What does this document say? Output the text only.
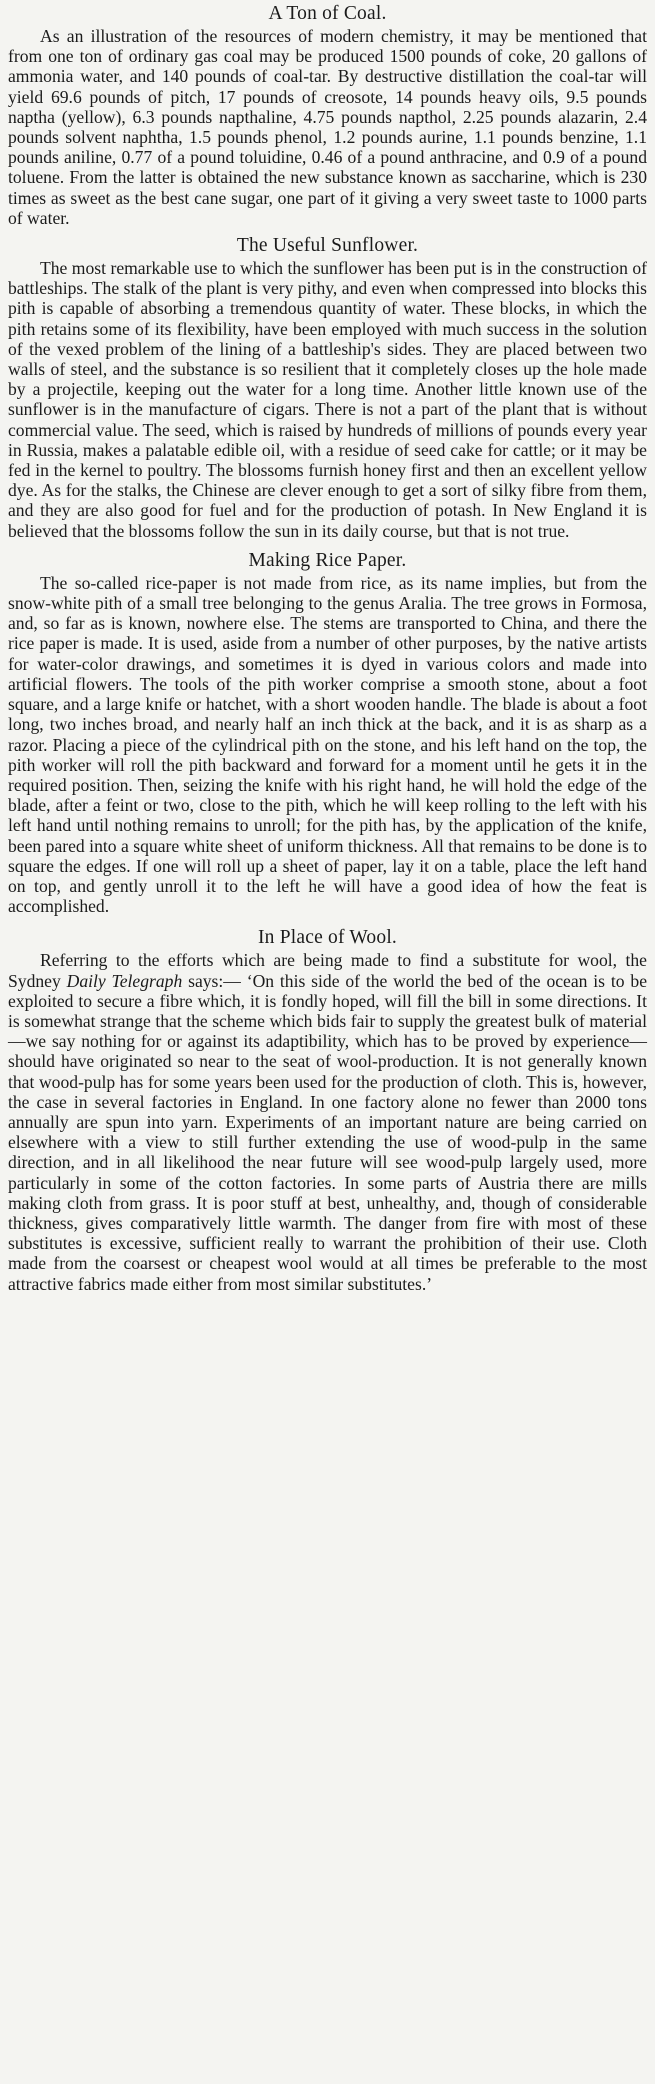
A Ton of Coal.

As an illustration of the resources of modern chemistry, it may be mentioned that from one ton of ordinary gas coal may be produced 1500 pounds of coke, 20 gallons of ammonia water, and 140 pounds of coal-tar. By destructive distillation the coal-tar will yield 69.6 pounds of pitch, 17 pounds of creosote, 14 pounds heavy oils, 9.5 pounds naptha (yellow), 6.3 pounds napthaline, 4.75 pounds napthol, 2.25 pounds alazarin, 2.4 pounds solvent naphtha, 1.5 pounds phenol, 1.2 pounds aurine, 1.1 pounds benzine, 1.1 pounds aniline, 0.77 of a pound toluidine, 0.46 of a pound anthracine, and 0.9 of a pound toluene. From the latter is obtained the new substance known as saccharine, which is 230 times as sweet as the best cane sugar, one part of it giving a very sweet taste to 1000 parts of water.

The Useful Sunflower.

The most remarkable use to which the sunflower has been put is in the construction of battleships. The stalk of the plant is very pithy, and even when compressed into blocks this pith is capable of absorbing a tremendous quantity of water. These blocks, in which the pith retains some of its flexibility, have been employed with much success in the solution of the vexed problem of the lining of a battleship's sides. They are placed between two walls of steel, and the substance is so resilient that it completely closes up the hole made by a projectile, keeping out the water for a long time. Another little known use of the sunflower is in the manufacture of cigars. There is not a part of the plant that is without commercial value. The seed, which is raised by hundreds of millions of pounds every year in Russia, makes a palatable edible oil, with a residue of seed cake for cattle; or it may be fed in the kernel to poultry. The blossoms furnish honey first and then an excellent yellow dye. As for the stalks, the Chinese are clever enough to get a sort of silky fibre from them, and they are also good for fuel and for the production of potash. In New England it is believed that the blossoms follow the sun in its daily course, but that is not true.

Making Rice Paper.

The so-called rice-paper is not made from rice, as its name implies, but from the snow-white pith of a small tree belonging to the genus Aralia. The tree grows in Formosa, and, so far as is known, nowhere else. The stems are transported to China, and there the rice paper is made. It is used, aside from a number of other purposes, by the native artists for water-color drawings, and sometimes it is dyed in various colors and made into artificial flowers. The tools of the pith worker comprise a smooth stone, about a foot square, and a large knife or hatchet, with a short wooden handle. The blade is about a foot long, two inches broad, and nearly half an inch thick at the back, and it is as sharp as a razor. Placing a piece of the cylindrical pith on the stone, and his left hand on the top, the pith worker will roll the pith backward and forward for a moment until he gets it in the required position. Then, seizing the knife with his right hand, he will hold the edge of the blade, after a feint or two, close to the pith, which he will keep rolling to the left with his left hand until nothing remains to unroll; for the pith has, by the application of the knife, been pared into a square white sheet of uniform thickness. All that remains to be done is to square the edges. If one will roll up a sheet of paper, lay it on a table, place the left hand on top, and gently unroll it to the left he will have a good idea of how the feat is accomplished.

In Place of Wool.

Referring to the efforts which are being made to find a substitute for wool, the Sydney Daily Telegraph says:— ‘On this side of the world the bed of the ocean is to be exploited to secure a fibre which, it is fondly hoped, will fill the bill in some directions. It is somewhat strange that the scheme which bids fair to supply the greatest bulk of material—we say nothing for or against its adaptibility, which has to be proved by experience—should have originated so near to the seat of wool-production. It is not generally known that wood-pulp has for some years been used for the production of cloth. This is, however, the case in several factories in England. In one factory alone no fewer than 2000 tons annually are spun into yarn. Experiments of an important nature are being carried on elsewhere with a view to still further extending the use of wood-pulp in the same direction, and in all likelihood the near future will see wood-pulp largely used, more particularly in some of the cotton factories. In some parts of Austria there are mills making cloth from grass. It is poor stuff at best, unhealthy, and, though of considerable thickness, gives comparatively little warmth. The danger from fire with most of these substitutes is excessive, sufficient really to warrant the prohibition of their use. Cloth made from the coarsest or cheapest wool would at all times be preferable to the most attractive fabrics made either from most similar substitutes.’
